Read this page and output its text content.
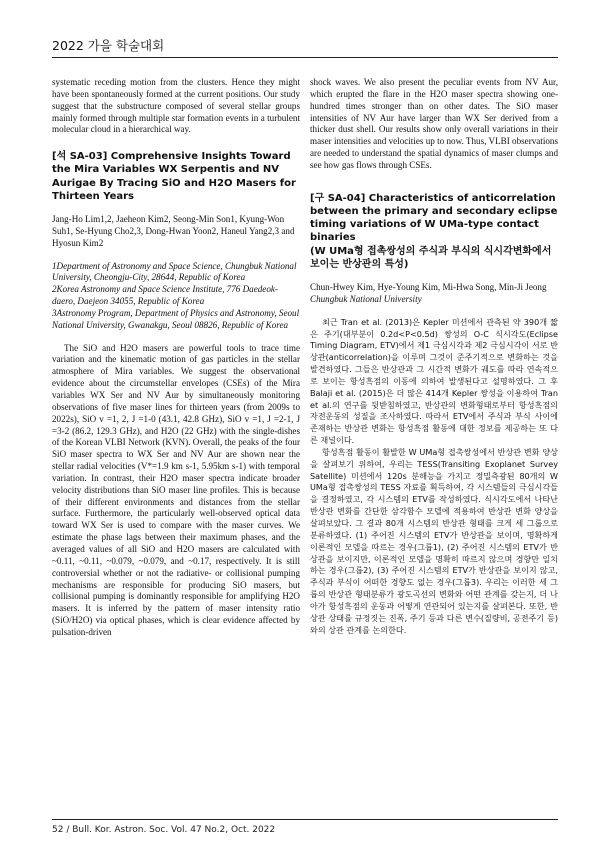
2022 가을 학술대회

systematic receding motion from the clusters. Hence they might have been spontaneously formed at the current positions. Our study suggest that the substructure composed of several stellar groups mainly formed through multiple star formation events in a turbulent molecular cloud in a hierarchical way.

[석 SA-03] Comprehensive Insights Toward the Mira Variables WX Serpentis and NV Aurigae By Tracing SiO and H2O Masers for Thirteen Years

Jang-Ho Lim1,2, Jaeheon Kim2, Seong-Min Son1, Kyung-Won Suh1, Se-Hyung Cho2,3, Dong-Hwan Yoon2, Haneul Yang2,3 and Hyosun Kim2

1Department of Astronomy and Space Science, Chungbuk National University, Cheongju-City, 28644, Republic of Korea

2Korea Astronomy and Space Science Institute, 776 Daedeok-daero, Daejeon 34055, Republic of Korea

3Astronomy Program, Department of Physics and Astronomy, Seoul National University, Gwanakgu, Seoul 08826, Republic of Korea

The SiO and H2O masers are powerful tools to trace time variation and the kinematic motion of gas particles in the stellar atmosphere of Mira variables. We suggest the observational evidence about the circumstellar envelopes (CSEs) of the Mira variables WX Ser and NV Aur by simultaneously monitoring observations of five maser lines for thirteen years (from 2009s to 2022s), SiO v =1, 2, J =1-0 (43.1, 42.8 GHz), SiO v =1, J =2-1, J =3-2 (86.2, 129.3 GHz), and H2O (22 GHz) with the single-dishes of the Korean VLBI Network (KVN). Overall, the peaks of the four SiO maser spectra to WX Ser and NV Aur are shown near the stellar radial velocities (V*=1.9 km s-1, 5.95km s-1) with temporal variation. In contrast, their H2O maser spectra indicate broader velocity distributions than SiO maser line profiles. This is because of their different environments and distances from the stellar surface. Furthermore, the particularly well-observed optical data toward WX Ser is used to compare with the maser curves. We estimate the phase lags between their maximum phases, and the averaged values of all SiO and H2O masers are calculated with ~0.11, ~0.11, ~0.079, ~0.079, and ~0.17, respectively. It is still controversial whether or not the radiative- or collisional pumping mechanisms are responsible for producing SiO masers, but collisional pumping is dominantly responsible for amplifying H2O masers. It is inferred by the pattern of maser intensity ratio (SiO/H2O) via optical phases, which is clear evidence affected by pulsation-driven

shock waves. We also present the peculiar events from NV Aur, which erupted the flare in the H2O maser spectra showing one-hundred times stronger than on other dates. The SiO maser intensities of NV Aur have larger than WX Ser derived from a thicker dust shell. Our results show only overall variations in their maser intensities and velocities up to now. Thus, VLBI observations are needed to understand the spatial dynamics of maser clumps and see how gas flows through CSEs.

[구 SA-04] Characteristics of anticorrelation between the primary and secondary eclipse timing variations of W UMa-type contact binaries

(W UMa형 접촉쌍성의 주식과 부식의 식시각변화에서 보이는 반상관의 특성)

Chun-Hwey Kim, Hye-Young Kim, Mi-Hwa Song, Min-Ji Jeong

Chungbuk National University

최근 Tran et al. (2013)은 Kepler 미션에서 관측된 약 390개 짧은 주기(대부분이 0.2d<P<0.5d) 쌍성의 O-C 식시각도(Eclipse Timing Diagram, ETV)에서 제1 극심시각과 제2 극심시각이 서로 반상관(anticorrelation)을 이루며 그것이 준주기적으로 변화하는 것을 발견하였다. 그들은 반상관과 그 시간적 변화가 궤도를 따라 연속적으로 보이는 항성흑점의 이동에 의하여 발생된다고 설명하였다. 그 후 Balaji et al. (2015)은 더 많은 414개 Kepler 쌍성을 이용하여 Tran et al.의 연구를 뒷받침하였고, 반상관의 변화형태로부터 항성흑점의 자전운동의 성질을 조사하였다. 따라서 ETV에서 주식과 부식 사이에 존재하는 반상관 변화는 항성흑점 활동에 대한 정보를 제공하는 또 다른 재널이다.

항성흑점 활동이 활발한 W UMa형 접촉쌍성에서 반상관 변화 양상을 살펴보기 위하여, 우리는 TESS(Transiting Exoplanet Survey Satellite) 미션에서 120s 분해능을 가지고 정밀측광된 80개의 W UMa형 접촉쌍성의 TESS 자료를 획득하여, 각 시스템들의 극심시각들을 결정하였고, 각 시스템의 ETV를 작성하였다. 식시각도에서 나타난 반상관 변화를 간단한 삼각함수 모델에 적용하여 반상관 변화 양상을 살펴보았다. 그 결과 80개 시스템의 반상관 형태를 크게 세 그룹으로 분류하였다. (1) 주어진 시스템의 ETV가 반상관을 보이며, 명확하게 이론적인 모델을 따르는 경우(그룹1), (2) 주어진 시스템의 ETV가 반상관을 보이지만, 이론적인 모델을 명확히 따르지 않으며 경향만 일치하는 경우(그룹2), (3) 주어진 시스템의 ETV가 반상관을 보이지 않고, 주식과 부식이 어떠한 경향도 없는 경우(그룹3). 우리는 이러한 세 그룹의 반상관 형태분류가 광도곡선의 변화와 어떤 관계를 갖는지, 더 나아가 항성흑점의 운동과 어떻게 연관되어 있는지를 살펴본다. 또한, 반상관 상태를 규정짓는 진폭, 주기 등과 다른 변수(질량비, 공전주기 등)와의 상관 관계를 논의한다.

52 / Bull. Kor. Astron. Soc. Vol. 47 No.2, Oct. 2022
